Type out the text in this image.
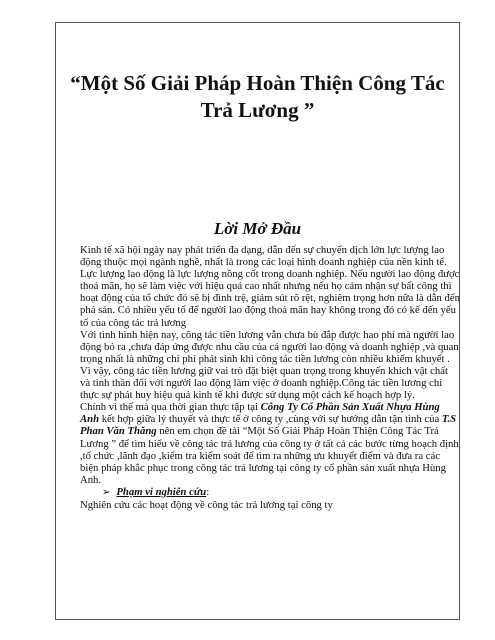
“Một Số Giải Pháp Hoàn Thiện Công Tác Trả Lương ”
Lời Mở Đầu

Kinh tế xã hội ngày nay phát triển đa dạng, dẫn đến sự chuyển dịch lớn lực lượng lao động thuộc mọi ngành nghề, nhất là trong các loại hình doanh nghiệp của nền kinh tế. Lực lượng lao động là lực lượng nồng cốt trong doanh nghiệp. Nếu người lao động được thoả mãn, họ sẽ làm việc với hiệu quả cao nhất nhưng nếu họ cảm nhận sự bất công thì hoạt động của tổ chức đó sẽ bị đình trệ, giảm sút rõ rệt, nghiêm trọng hơn nữa là dẫn đến phá sản. Có nhiều yếu tố để người lao động thoả mãn hay không trong đó có kế đến yếu tố của công tác trả lương

Với tình hình hiện nay, công tác tiền lương vẫn chưa bù đắp được hao phí mà người lao động bỏ ra ,chưa đáp ứng được nhu cầu của cả người lao động và doanh nghiệp ,và quan trọng nhất là những chi phí phát sinh khi công tác tiền lương còn nhiều khiếm khuyết .

Vì vậy, công tác tiền lương giữ vai trò đặt biệt quan trọng trong khuyến khích vật chất và tinh thần đối với người lao động làm việc ở doanh nghiệp.Công tác tiền lương chỉ thực sự phát huy hiệu quả kinh tế khi được sử dụng một cách kế hoạch hợp lý.

Chính vì thế mà qua thời gian thực tập tại Công Ty Cổ Phần Sản Xuất Nhựa Hùng Anh kết hợp giữa lý thuyết và thực tế ở công ty ,cùng với sự hướng dẫn tận tình của T.S Phan Văn Thăng nên em chọn đề tài “Một Số Giải Pháp Hoàn Thiện Công Tác Trả Lương ” để tìm hiểu về công tác trả lương của công ty ở tất cả các bước từng hoạch định ,tổ chức ,lãnh đạo ,kiểm tra kiểm soát để tìm ra những ưu khuyết điểm và đưa ra các biện pháp khắc phục trong công tác trả lương tại công ty cổ phần sản xuất nhựa Hùng Anh.

➢ Phạm vi nghiên cứu:

Nghiên cứu các hoạt động về công tác trả lương tại công ty
